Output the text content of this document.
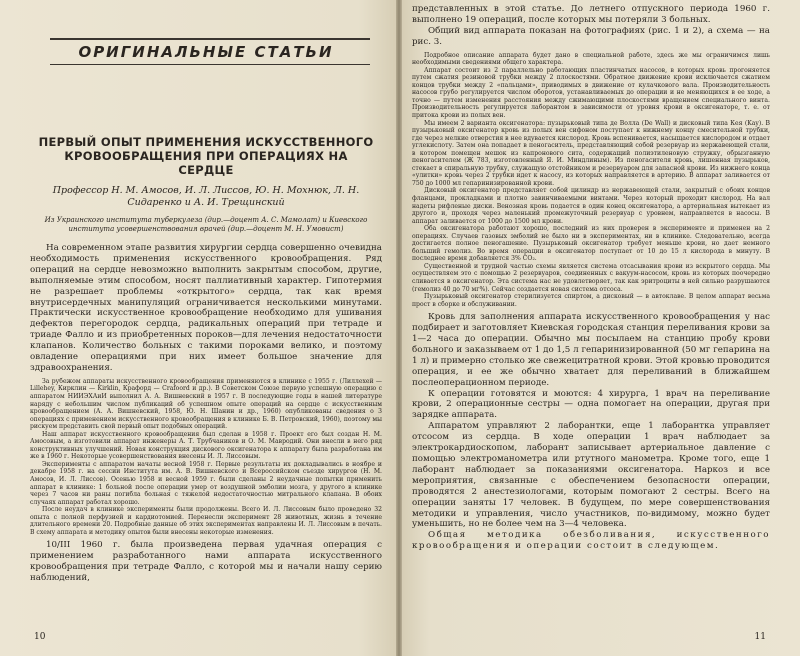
ОРИГИНАЛЬНЫЕ СТАТЬИ
ПЕРВЫЙ ОПЫТ ПРИМЕНЕНИЯ ИСКУССТВЕННОГО КРОВООБРАЩЕНИЯ ПРИ ОПЕРАЦИЯХ НА СЕРДЦЕ
Профессор Н. М. Амосов, И. Л. Лиссов, Ю. Н. Мохнюк, Л. Н. Сидаренко и А. И. Трещинский
Из Украинского института туберкулеза (дир.—доцент А. С. Мамолат) и Киевского института усовершенствования врачей (дир.—доцент М. Н. Умовист)

На современном этапе развития хирургии сердца совершенно очевидна необходимость применения искусственного кровообращения. Ряд операций на сердце невозможно выполнить закрытым способом, другие, выполняемые этим способом, носят паллиативный характер. Гипотермия не разрешает проблемы «открытого» сердца, так как время внутрисердечных манипуляций ограничивается несколькими минутами. Практически искусственное кровообращение необходимо для ушивания дефектов перегородок сердца, радикальных операций при тетраде и триаде Фалло и из приобретенных пороков—для лечения недостаточности клапанов. Количество больных с такими пороками велико, и поэтому овладение операциями при них имеет большое значение для здравоохранения.

За рубежом аппараты искусственного кровообращения применяются в клинике с 1955 г. (Лиллехей — Lillehey, Кирклин — Kirklin, Крафорд — Crafoord и др.). В Советском Союзе первую успешную операцию с аппаратом НИИЭХАиИ выполнил А. А. Вишневский в 1957 г. В последующие годы в нашей литературе наряду с небольшим числом публикаций об успешном опыте операций на сердце с искусственным кровообращением (А. А. Вишневский, 1958, Ю. Н. Шанин и др., 1960) опубликованы сведения о 3 операциях с применением искусственного кровообращения в клинике Б. В. Петровский, 1960), поэтому мы рискуем представить свой первый опыт подобных операций.

Наш аппарат искусственного кровообращения был сделан в 1958 г. Проект его был создан Н. М. Амосовым, а изготовили аппарат инженеры А. Т. Трубчаников и О. М. Мавродий. Они внесли в него ряд конструктивных улучшений. Новая конструкция дискового оксигенатора к аппарату была разработана им же в 1960 г. Некоторые усовершенствования внесены И. Л. Лиссовым.

Эксперименты с аппаратом начаты весной 1958 г. Первые результаты их докладывались в ноябре и декабре 1958 г. на сессии Института им. А. В. Вишневского и Всероссийском съезде хирургов (Н. М. Амосов, И. Л. Лиссов). Осенью 1958 и весной 1959 г. были сделаны 2 неудачные попытки применить аппарат в клинике: 1 больной после операции умер от воздушной эмболии мозга, у другого в клинике через 7 часов ни раны погибла больная с тяжелой недостаточностью митрального клапана. В обоих случаях аппарат работал хорошо.

После неудач в клинике эксперименты были продолжены. Всего И. Л. Лиссовым было проведено 32 опыта с полной перфузией и кардиотомией. Перенесли эксперимент 28 животных, жизнь в течение длительного времени 20. Подробные данные об этих экспериментах направлены И. Л. Лиссовым в печать. В схему аппарата и методику опытов были внесены некоторые изменения.

10/III 1960 г. была произведена первая удачная операция с применением разработанного нами аппарата искусственного кровообращения при тетраде Фалло, с которой мы и начали нашу серию наблюдений,

10

представленных в этой статье. До летнего отпускного периода 1960 г. выполнено 19 операций, после которых мы потеряли 3 больных.

Общий вид аппарата показан на фотографиях (рис. 1 и 2), а схема — на рис. 3.

Подробное описание аппарата будет дано в специальной работе, здесь же мы ограничимся лишь необходимыми сведениями общего характера.

Аппарат состоит из 2 параллельно работающих пластинчатых насосов, в которых кровь прогоняется путем сжатия резиновой трубки между 2 плоскостями. Обратное движение крови исключается сжатием концов трубки между 2 «пальцами», приводимых в движение от кулачкового вала. Производительность насосов грубо регулируется числом оборотов, устанавливаемых до операции и не меняющихся в ее ходе, а точно — путем изменения расстояния между сжимающими плоскостями вращением специального винта. Производительность регулируется лаборантом в зависимости от уровня крови в оксигенаторе, т. е. от притока крови из полых вен.

Мы имеем 2 варианта оксигенатора: пузырьковый типа де Волла (De Wall) и дисковый типа Кея (Kay). В пузырьковый оксигенатор кровь из полых вен сифоном поступает к нижнему концу смесительной трубки, где через мелкие отверстия в нее вдувается кислород. Кровь вспенивается, насыщается кислородом и отдает углекислоту. Затем она попадает в пеногаситель, представляющий собой резервуар из нержавеющей стали, в котором помещен мешок из капронового сита, содержащий полиэтиленовую стружку, обрызганную пеногасителем (Ж 783, изготовленный Я. И. Миндлиным). Из пеногасителя кровь, лишенная пузырьков, стекает в спиральную трубку, служащую отстойником и резервуаром для запасной крови. Из нижнего конца «улитки» кровь через 2 трубки идет к насосу, из которых направляется в артерию. В аппарат заливается от 750 до 1000 мл гепаринизированной крови.

Дисковый оксигенатор представляет собой цилиндр из нержавеющей стали, закрытый с обоих концов фланцами, прокладками и плотно завинчиваемыми винтами. Через который проходит кислород. На вал надеты рифленые диски. Венозная кровь подается в один конец оксигенатора, а артериальная вытекает из другого и, проходя через маленький промежуточный резервуар с уровнем, направляется в насосы. В аппарат заливается от 1000 до 1500 мл крови.

Оба оксигенатора работают хорошо, последний из них проверен в эксперименте и применен на 2 операциях. Случаев газовых эмболий не было ни в экспериментах, ни в клинике. Следовательно, всегда достигается полное пеногашение. Пузырьковый оксигенатор требует меньше крови, но дает немного больший гемолиз. Во время операции в оксигенатор поступает от 10 до 15 л кислорода в минуту. В последнее время добавляется 3% CO₂.

Существенной и трудной частью схемы является система отсасывания крови из вскрытого сердца. Мы осуществляем это с помощью 2 резервуаров, соединенных с вакуум-насосом, кровь из которых поочередно сливается в оксигенатор. Эта система нас не удовлетворяет, так как эритроциты в ней сильно разрушаются (гемолиз 40 до 70 мг%). Сейчас создается новая система отсоса.

Пузырьковый оксигенатор стерилизуется спиртом, а дисковый — в автоклаве. В целом аппарат весьма прост в сборке и обслуживании.

Кровь для заполнения аппарата искусственного кровообращения у нас подбирает и заготовляет Киевская городская станция переливания крови за 1—2 часа до операции. Обычно мы посылаем на станцию пробу крови больного и заказываем от 1 до 1,5 л гепаринизированной (50 мг гепарина на 1 л) и примерно столько же свежецитратной крови. Этой кровью проводится операция, и ее же обычно хватает для переливаний в ближайшем послеоперационном периоде.

К операции готовятся и моются: 4 хирурга, 1 врач на переливание крови, 2 операционные сестры — одна помогает на операции, другая при зарядке аппарата.

Аппаратом управляют 2 лаборантки, еще 1 лаборантка управляет отсосом из сердца. В ходе операции 1 врач наблюдает за электрокардиоскопом, лаборант записывает артериальное давление с помощью электроманометра или ртутного манометра. Кроме того, еще 1 лаборант наблюдает за показаниями оксигенатора. Наркоз и все мероприятия, связанные с обеспечением безопасности операции, проводятся 2 анестезиологами, которым помогают 2 сестры. Всего на операции заняты 17 человек. В будущем, по мере совершенствования методики и управления, число участников, по-видимому, можно будет уменьшить, но не более чем на 3—4 человека.

Общая методика обезболивания, искусственного кровообращения и операции состоит в следующем.

11
